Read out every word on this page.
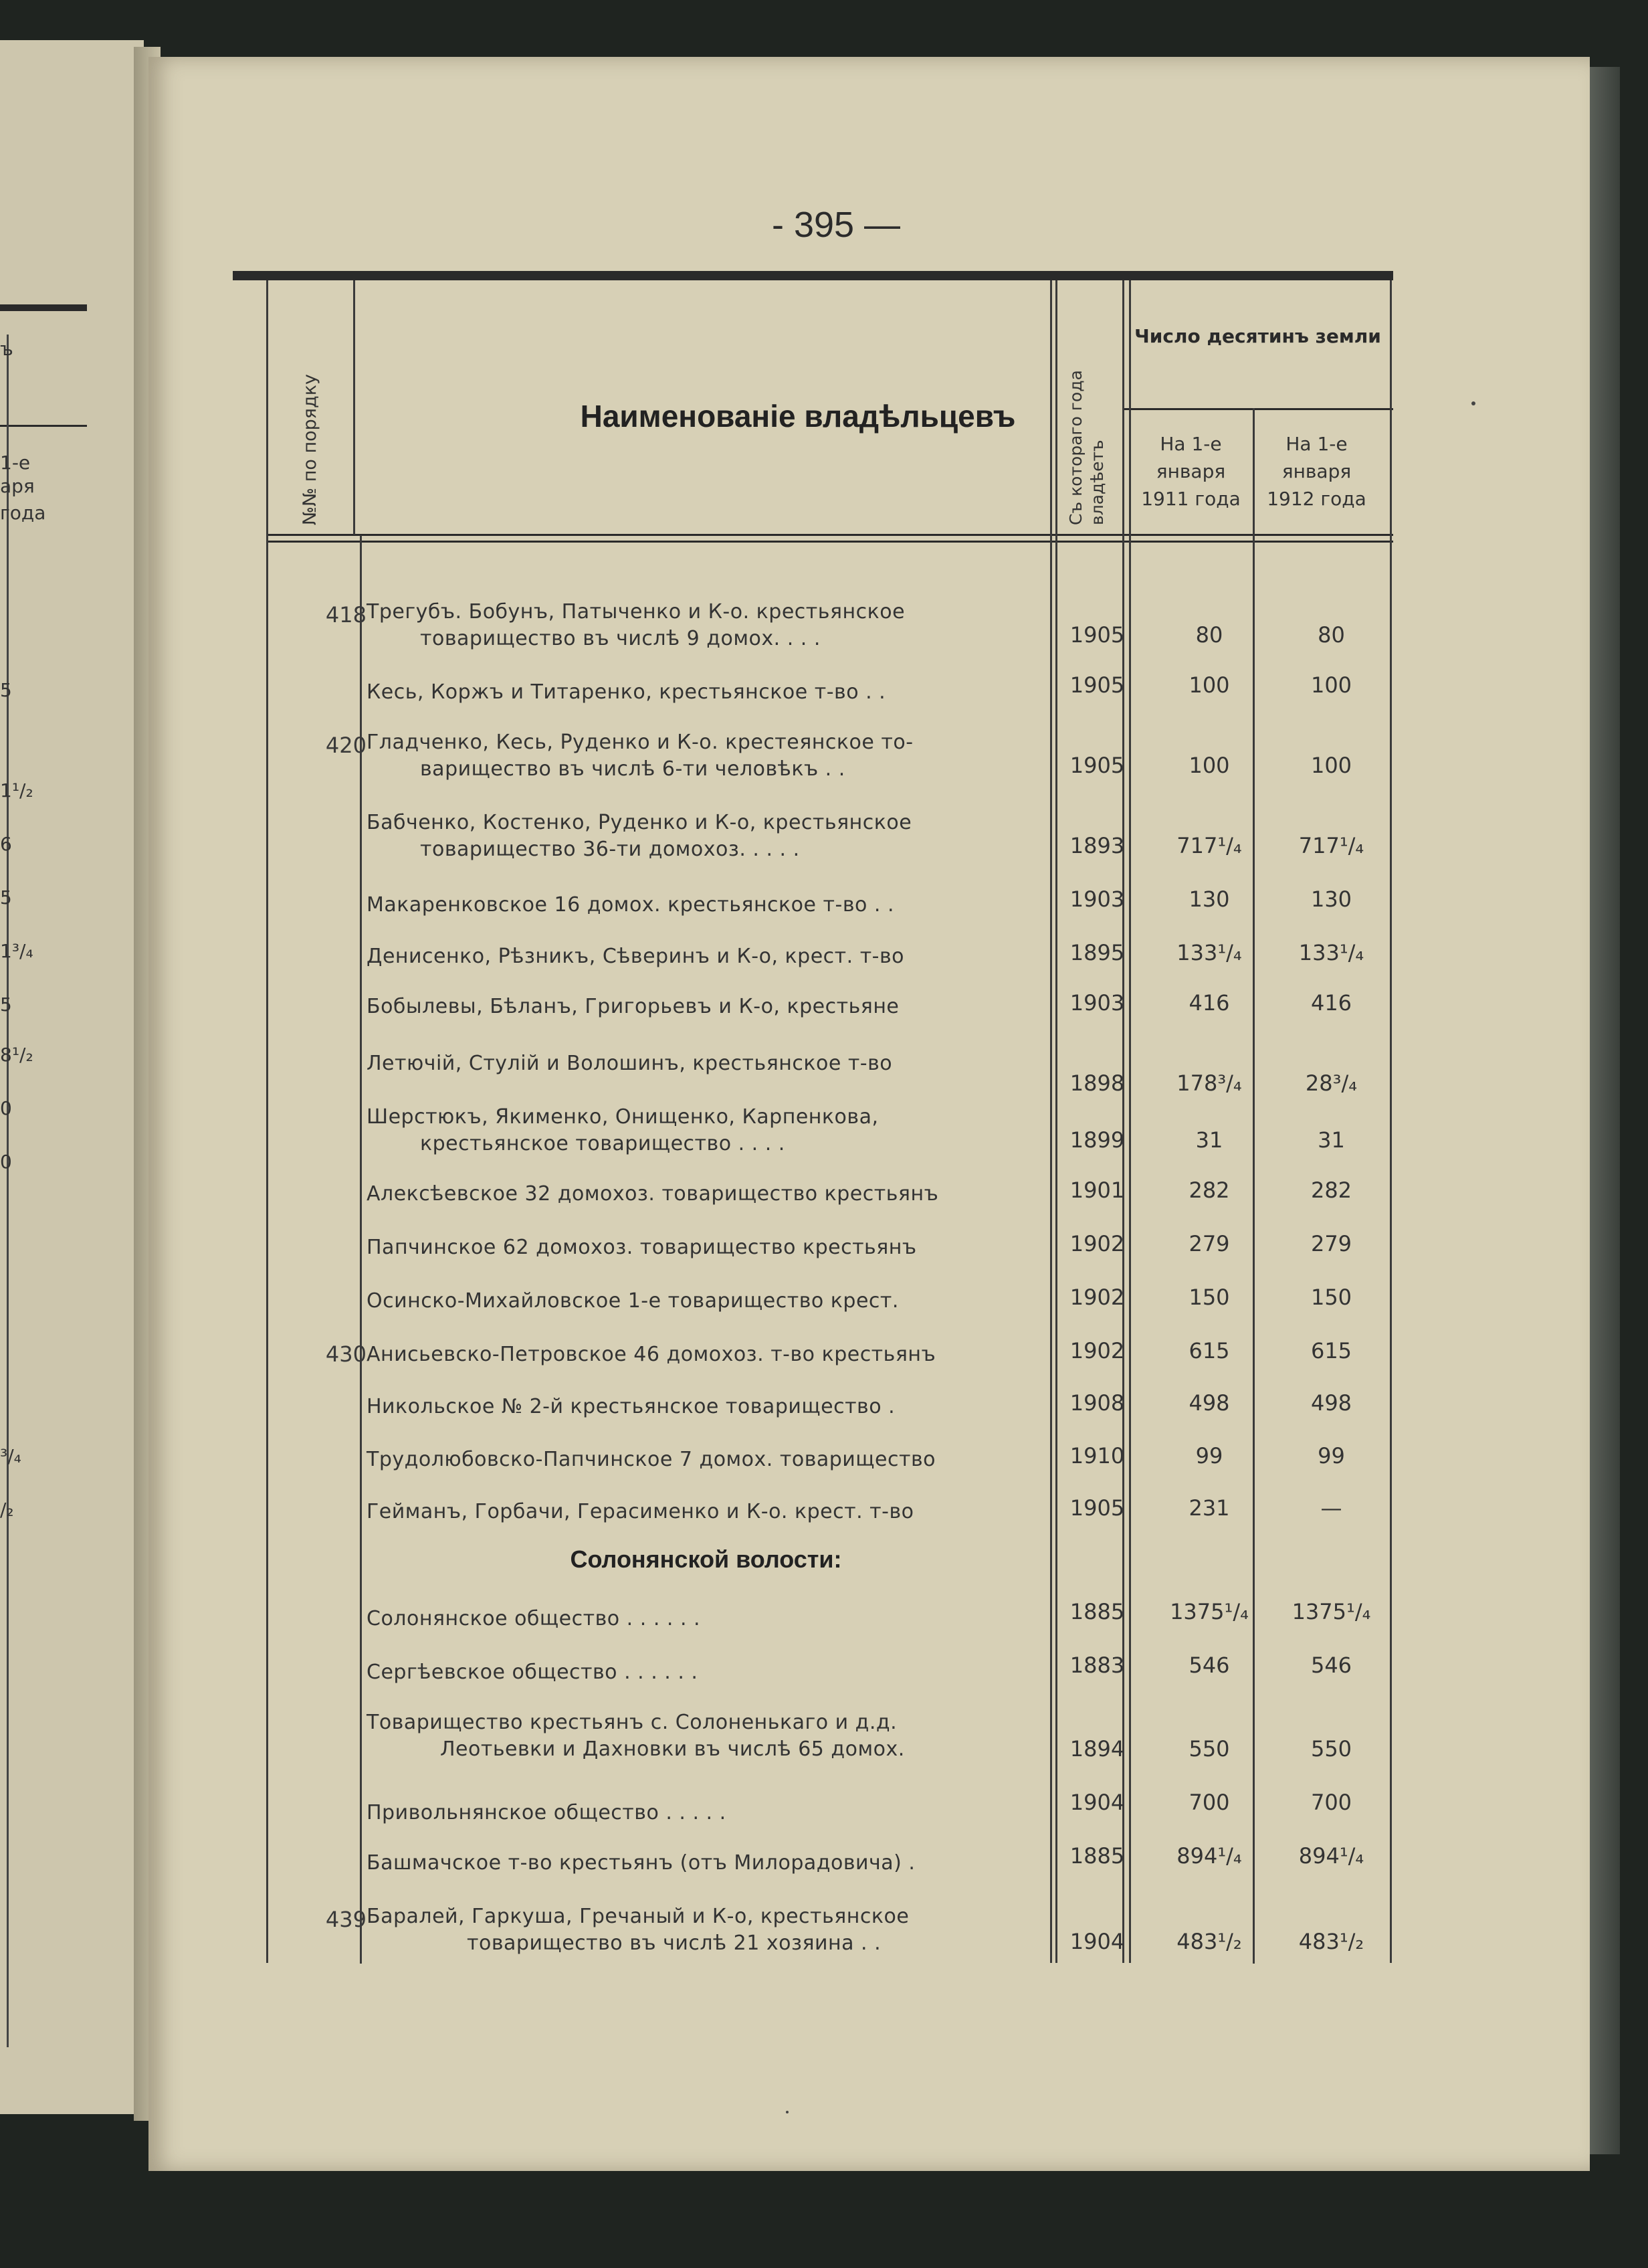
ъ
1-е
аря
года
5
1¹/₂
6
5
1³/₄
5
8¹/₂
0
0
³/₄
/₂
- 395 —
№№ по порядку	Наименованіе владѣльцевъ	Съ котораго года владѣетъ
Число десятинъ земли
На 1-е
января
1911 года
На 1-е
января
1912 года
418 Трегубъ. Бобунъ, Патыченко и К-о. крестьянское
товарищество въ числѣ 9 домох. . . .	1905	80	80
Кесь, Коржъ и Титаренко, крестьянское т-во . .	1905	100	100
420 Гладченко, Кесь, Руденко и К-о. крестеянское то-
варищество въ числѣ 6-ти человѣкъ . .	1905	100	100
Бабченко, Костенко, Руденко и К-о, крестьянское
товарищество 36-ти домохоз. . . . .	1893	717¹/₄	717¹/₄
Макаренковское 16 домох. крестьянское т-во . .	1903	130	130
Денисенко, Рѣзникъ, Сѣверинъ и К-о, крест. т-во	1895	133¹/₄	133¹/₄
Бобылевы, Бѣланъ, Григорьевъ и К-о, крестьяне	1903	416	416
Летючій, Стулій и Волошинъ, крестьянское т-во
1898	178³/₄	28³/₄
Шерстюкъ, Якименко, Онищенко, Карпенкова,
крестьянское товарищество . . . .	1899	31	31
Алексѣевское 32 домохоз. товарищество крестьянъ	1901	282	282
Папчинское 62 домохоз. товарищество крестьянъ	1902	279	279
Осинско-Михайловское 1-е товарищество крест.	1902	150	150
430 Анисьевско-Петровское 46 домохоз. т-во крестьянъ	1902	615	615
Никольское № 2-й крестьянское товарищество .	1908	498	498
Трудолюбовско-Папчинское 7 домох. товарищество	1910	99	99
Гейманъ, Горбачи, Герасименко и К-о. крест. т-во	1905	231	—
Солонянской волости:
Солонянское общество . . . . . .	1885	1375¹/₄	1375¹/₄
Сергѣевское общество . . . . . .	1883	546	546
Товарищество крестьянъ с. Солоненькаго и д.д.
Леотьевки и Дахновки въ числѣ 65 домох.	1894	550	550
Привольнянское общество . . . . .	1904	700	700
Башмачское т-во крестьянъ (отъ Милорадовича) .	1885	894¹/₄	894¹/₄
439 Баралей, Гаркуша, Гречаный и К-о, крестьянское
товарищество въ числѣ 21 хозяина . .	1904	483¹/₂	483¹/₂
